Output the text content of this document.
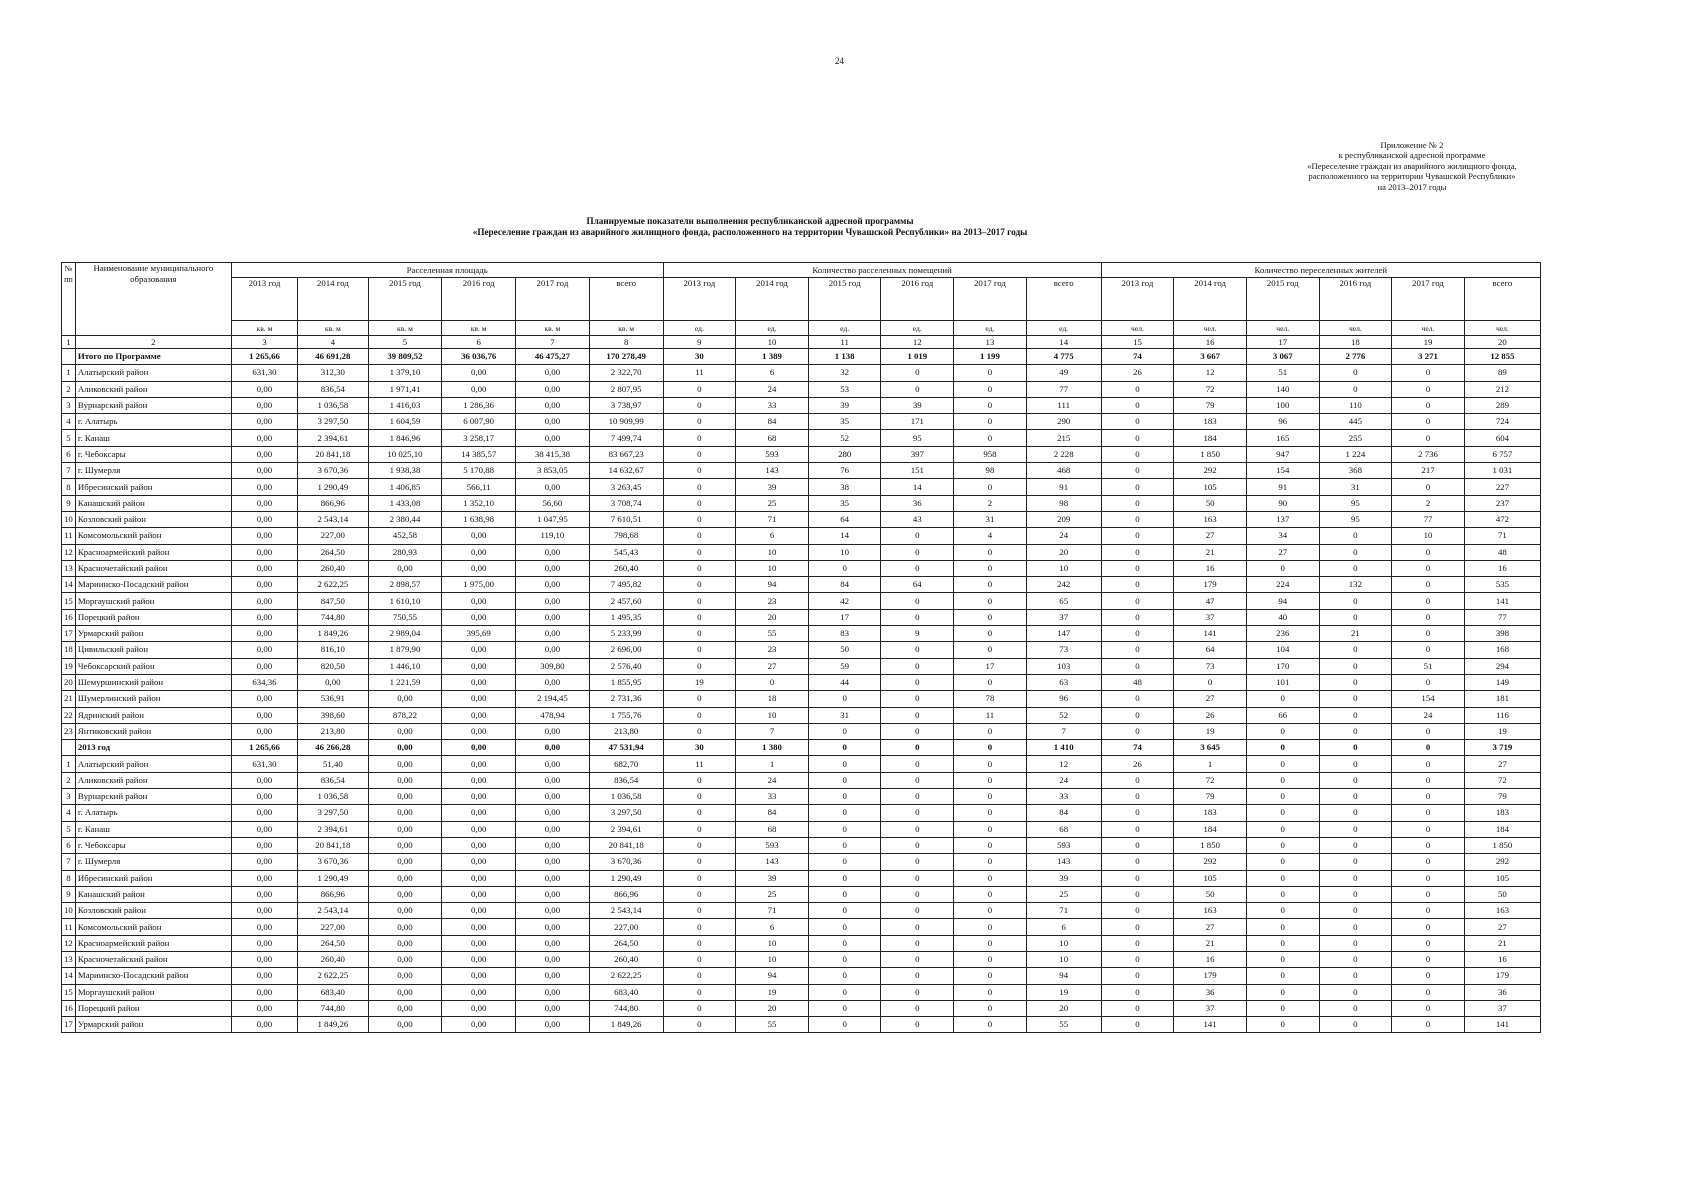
24
Приложение № 2
к республиканской адресной программе
«Переселение граждан из аварийного жилищного фонда,
расположенного на территории Чувашской Республики»
на 2013–2017 годы
Планируемые показатели выполнения республиканской адресной программы
«Переселение граждан из аварийного жилищного фонда, расположенного на территории Чувашской Республики» на 2013–2017 годы
№ пп	Наименование муниципального образования	Расселенная площадь						Количество расселенных помещений						Количество переселенных жителей					
		2013 год	2014 год	2015 год	2016 год	2017 год	всего	2013 год	2014 год	2015 год	2016 год	2017 год	всего	2013 год	2014 год	2015 год	2016 год	2017 год	всего
		кв. м	кв. м	кв. м	кв. м	кв. м	кв. м	ед.	ед.	ед.	ед.	ед.	ед.	чел.	чел.	чел.	чел.	чел.	чел.
1	2	3	4	5	6	7	8	9	10	11	12	13	14	15	16	17	18	19	20
	Итого по Программе	1 265,66	46 691,28	39 809,52	36 036,76	46 475,27	170 278,49	30	1 389	1 138	1 019	1 199	4 775	74	3 667	3 067	2 776	3 271	12 855
1	Алатырский район	631,30	312,30	1 379,10	0,00	0,00	2 322,70	11	6	32	0	0	49	26	12	51	0	0	89
2	Аликовский район	0,00	836,54	1 971,41	0,00	0,00	2 807,95	0	24	53	0	0	77	0	72	140	0	0	212
3	Вурнарский район	0,00	1 036,58	1 416,03	1 286,36	0,00	3 738,97	0	33	39	39	0	111	0	79	100	110	0	289
4	г. Алатырь	0,00	3 297,50	1 604,59	6 007,90	0,00	10 909,99	0	84	35	171	0	290	0	183	96	445	0	724
5	г. Канаш	0,00	2 394,61	1 846,96	3 258,17	0,00	7 499,74	0	68	52	95	0	215	0	184	165	255	0	604
6	г. Чебоксары	0,00	20 841,18	10 025,10	14 385,57	38 415,38	83 667,23	0	593	280	397	958	2 228	0	1 850	947	1 224	2 736	6 757
7	г. Шумерля	0,00	3 670,36	1 938,38	5 170,88	3 853,05	14 632,67	0	143	76	151	98	468	0	292	154	368	217	1 031
8	Ибресинский район	0,00	1 290,49	1 406,85	566,11	0,00	3 263,45	0	39	38	14	0	91	0	105	91	31	0	227
9	Канашский район	0,00	866,96	1 433,08	1 352,10	56,60	3 708,74	0	25	35	36	2	98	0	50	90	95	2	237
10	Козловский район	0,00	2 543,14	2 380,44	1 638,98	1 047,95	7 610,51	0	71	64	43	31	209	0	163	137	95	77	472
11	Комсомольский район	0,00	227,00	452,58	0,00	119,10	798,68	0	6	14	0	4	24	0	27	34	0	10	71
12	Красноармейский район	0,00	264,50	280,93	0,00	0,00	545,43	0	10	10	0	0	20	0	21	27	0	0	48
13	Красночетайский район	0,00	260,40	0,00	0,00	0,00	260,40	0	10	0	0	0	10	0	16	0	0	0	16
14	Мариинско-Посадский район	0,00	2 622,25	2 898,57	1 975,00	0,00	7 495,82	0	94	84	64	0	242	0	179	224	132	0	535
15	Моргаушский район	0,00	847,50	1 610,10	0,00	0,00	2 457,60	0	23	42	0	0	65	0	47	94	0	0	141
16	Порецкий район	0,00	744,80	750,55	0,00	0,00	1 495,35	0	20	17	0	0	37	0	37	40	0	0	77
17	Урмарский район	0,00	1 849,26	2 989,04	395,69	0,00	5 233,99	0	55	83	9	0	147	0	141	236	21	0	398
18	Цивильский район	0,00	816,10	1 879,90	0,00	0,00	2 696,00	0	23	50	0	0	73	0	64	104	0	0	168
19	Чебоксарский район	0,00	820,50	1 446,10	0,00	309,80	2 576,40	0	27	59	0	17	103	0	73	170	0	51	294
20	Шемуршинский район	634,36	0,00	1 221,59	0,00	0,00	1 855,95	19	0	44	0	0	63	48	0	101	0	0	149
21	Шумерлинский район	0,00	536,91	0,00	0,00	2 194,45	2 731,36	0	18	0	0	78	96	0	27	0	0	154	181
22	Ядринский район	0,00	398,60	878,22	0,00	478,94	1 755,76	0	10	31	0	11	52	0	26	66	0	24	116
23	Янтиковский район	0,00	213,80	0,00	0,00	0,00	213,80	0	7	0	0	0	7	0	19	0	0	0	19
	2013 год	1 265,66	46 266,28	0,00	0,00	0,00	47 531,94	30	1 380	0	0	0	1 410	74	3 645	0	0	0	3 719
1	Алатырский район	631,30	51,40	0,00	0,00	0,00	682,70	11	1	0	0	0	12	26	1	0	0	0	27
2	Аликовский район	0,00	836,54	0,00	0,00	0,00	836,54	0	24	0	0	0	24	0	72	0	0	0	72
3	Вурнарский район	0,00	1 036,58	0,00	0,00	0,00	1 036,58	0	33	0	0	0	33	0	79	0	0	0	79
4	г. Алатырь	0,00	3 297,50	0,00	0,00	0,00	3 297,50	0	84	0	0	0	84	0	183	0	0	0	183
5	г. Канаш	0,00	2 394,61	0,00	0,00	0,00	2 394,61	0	68	0	0	0	68	0	184	0	0	0	184
6	г. Чебоксары	0,00	20 841,18	0,00	0,00	0,00	20 841,18	0	593	0	0	0	593	0	1 850	0	0	0	1 850
7	г. Шумерля	0,00	3 670,36	0,00	0,00	0,00	3 670,36	0	143	0	0	0	143	0	292	0	0	0	292
8	Ибресинский район	0,00	1 290,49	0,00	0,00	0,00	1 290,49	0	39	0	0	0	39	0	105	0	0	0	105
9	Канашский район	0,00	866,96	0,00	0,00	0,00	866,96	0	25	0	0	0	25	0	50	0	0	0	50
10	Козловский район	0,00	2 543,14	0,00	0,00	0,00	2 543,14	0	71	0	0	0	71	0	163	0	0	0	163
11	Комсомольский район	0,00	227,00	0,00	0,00	0,00	227,00	0	6	0	0	0	6	0	27	0	0	0	27
12	Красноармейский район	0,00	264,50	0,00	0,00	0,00	264,50	0	10	0	0	0	10	0	21	0	0	0	21
13	Красночетайский район	0,00	260,40	0,00	0,00	0,00	260,40	0	10	0	0	0	10	0	16	0	0	0	16
14	Мариинско-Посадский район	0,00	2 622,25	0,00	0,00	0,00	2 622,25	0	94	0	0	0	94	0	179	0	0	0	179
15	Моргаушский район	0,00	683,40	0,00	0,00	0,00	683,40	0	19	0	0	0	19	0	36	0	0	0	36
16	Порецкий район	0,00	744,80	0,00	0,00	0,00	744,80	0	20	0	0	0	20	0	37	0	0	0	37
17	Урмарский район	0,00	1 849,26	0,00	0,00	0,00	1 849,26	0	55	0	0	0	55	0	141	0	0	0	141
